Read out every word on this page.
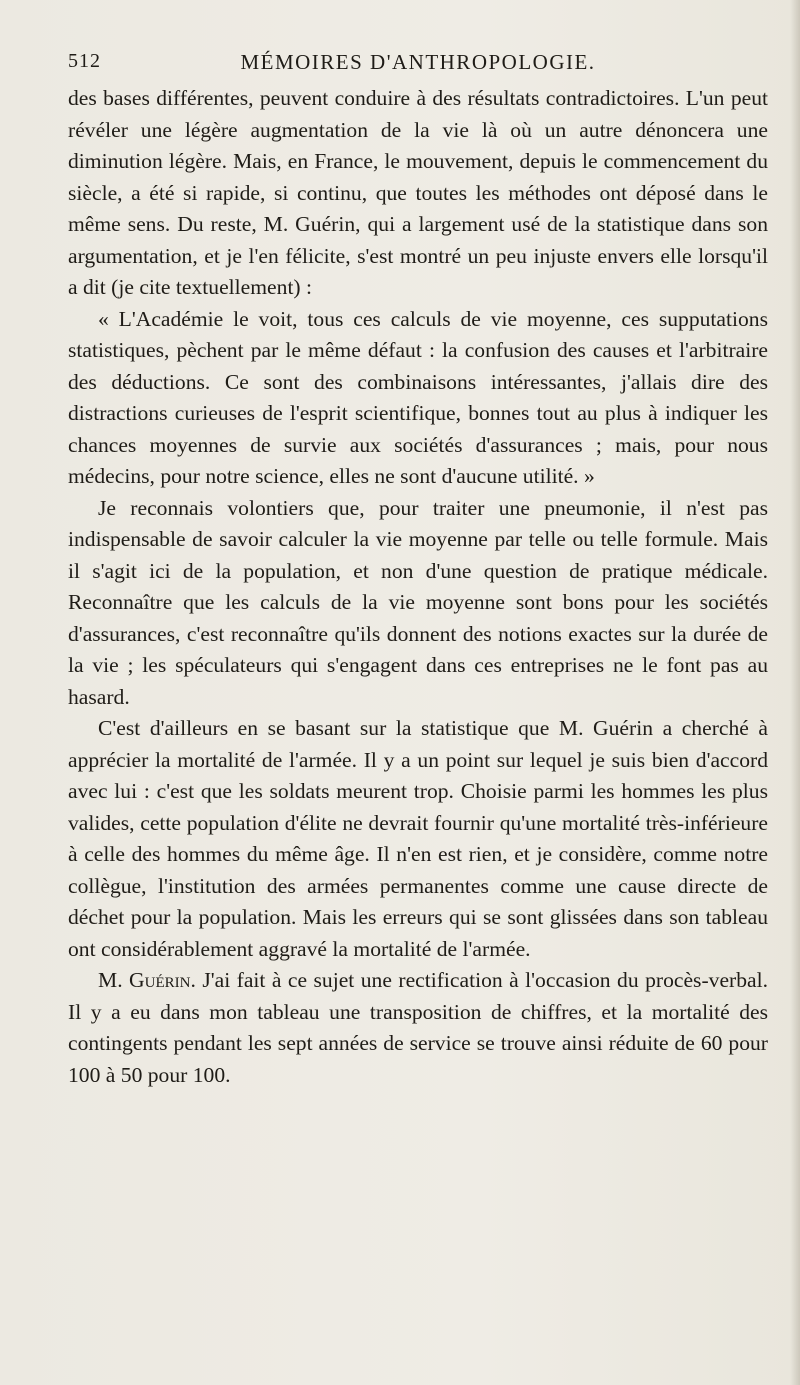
512	MÉMOIRES D'ANTHROPOLOGIE.

des bases différentes, peuvent conduire à des résultats contradictoires. L'un peut révéler une légère augmentation de la vie là où un autre dénoncera une diminution légère. Mais, en France, le mouvement, depuis le commencement du siècle, a été si rapide, si continu, que toutes les méthodes ont déposé dans le même sens. Du reste, M. Guérin, qui a largement usé de la statistique dans son argumentation, et je l'en félicite, s'est montré un peu injuste envers elle lorsqu'il a dit (je cite textuellement) :

« L'Académie le voit, tous ces calculs de vie moyenne, ces supputations statistiques, pèchent par le même défaut : la confusion des causes et l'arbitraire des déductions. Ce sont des combinaisons intéressantes, j'allais dire des distractions curieuses de l'esprit scientifique, bonnes tout au plus à indiquer les chances moyennes de survie aux sociétés d'assurances ; mais, pour nous médecins, pour notre science, elles ne sont d'aucune utilité. »

Je reconnais volontiers que, pour traiter une pneumonie, il n'est pas indispensable de savoir calculer la vie moyenne par telle ou telle formule. Mais il s'agit ici de la population, et non d'une question de pratique médicale. Reconnaître que les calculs de la vie moyenne sont bons pour les sociétés d'assurances, c'est reconnaître qu'ils donnent des notions exactes sur la durée de la vie ; les spéculateurs qui s'engagent dans ces entreprises ne le font pas au hasard.

C'est d'ailleurs en se basant sur la statistique que M. Guérin a cherché à apprécier la mortalité de l'armée. Il y a un point sur lequel je suis bien d'accord avec lui : c'est que les soldats meurent trop. Choisie parmi les hommes les plus valides, cette population d'élite ne devrait fournir qu'une mortalité très-inférieure à celle des hommes du même âge. Il n'en est rien, et je considère, comme notre collègue, l'institution des armées permanentes comme une cause directe de déchet pour la population. Mais les erreurs qui se sont glissées dans son tableau ont considérablement aggravé la mortalité de l'armée.

M. Guérin. J'ai fait à ce sujet une rectification à l'occasion du procès-verbal. Il y a eu dans mon tableau une transposition de chiffres, et la mortalité des contingents pendant les sept années de service se trouve ainsi réduite de 60 pour 100 à 50 pour 100.
